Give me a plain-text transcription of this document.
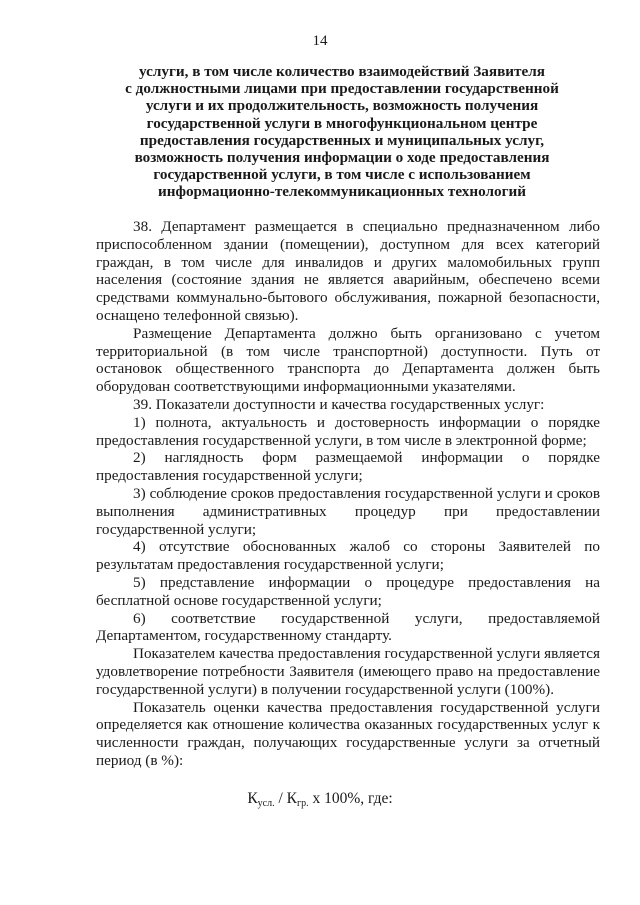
14
услуги, в том числе количество взаимодействий Заявителя
с должностными лицами при предоставлении государственной
услуги и их продолжительность, возможность получения
государственной услуги в многофункциональном центре
предоставления государственных и муниципальных услуг,
возможность получения информации о ходе предоставления
государственной услуги, в том числе с использованием
информационно-телекоммуникационных технологий

38. Департамент размещается в специально предназначенном либо приспособленном здании (помещении), доступном для всех категорий граждан, в том числе для инвалидов и других маломобильных групп населения (состояние здания не является аварийным, обеспечено всеми средствами коммунально-бытового обслуживания, пожарной безопасности, оснащено телефонной связью).

Размещение Департамента должно быть организовано с учетом территориальной (в том числе транспортной) доступности. Путь от остановок общественного транспорта до Департамента должен быть оборудован соответствующими информационными указателями.

39. Показатели доступности и качества государственных услуг:

1) полнота, актуальность и достоверность информации о порядке предоставления государственной услуги, в том числе в электронной форме;

2) наглядность форм размещаемой информации о порядке предоставления государственной услуги;

3) соблюдение сроков предоставления государственной услуги и сроков выполнения административных процедур при предоставлении государственной услуги;

4) отсутствие обоснованных жалоб со стороны Заявителей по результатам предоставления государственной услуги;

5) представление информации о процедуре предоставления на бесплатной основе государственной услуги;

6) соответствие государственной услуги, предоставляемой Департаментом, государственному стандарту.

Показателем качества предоставления государственной услуги является удовлетворение потребности Заявителя (имеющего право на предоставление государственной услуги) в получении государственной услуги (100%).

Показатель оценки качества предоставления государственной услуги определяется как отношение количества оказанных государственных услуг к численности граждан, получающих государственные услуги за отчетный период (в %):

$К_{усл.} / К_{гр.}$ x 100%, где:
